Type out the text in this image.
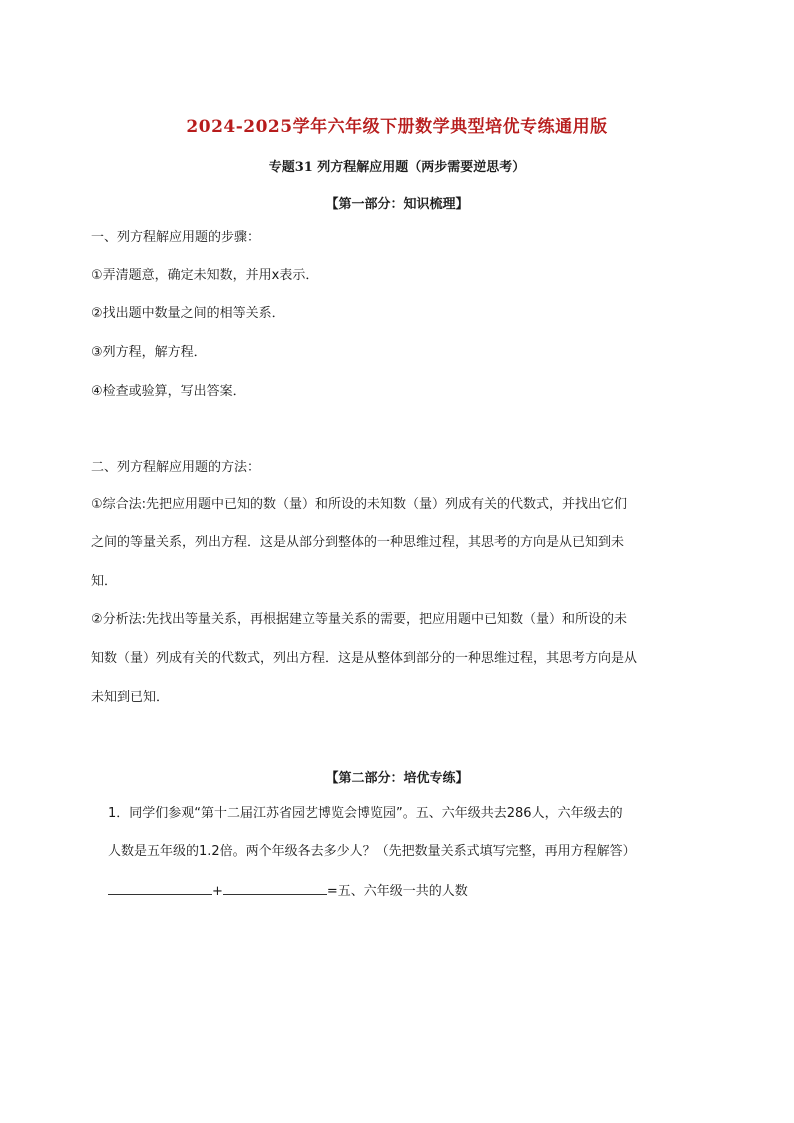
2024-2025学年六年级下册数学典型培优专练通用版
专题31 列方程解应用题（两步需要逆思考）
【第一部分：知识梳理】
一、列方程解应用题的步骤：
①弄清题意，确定未知数，并用x表示．
②找出题中数量之间的相等关系．
③列方程，解方程．
④检查或验算，写出答案．
二、列方程解应用题的方法：
①综合法:先把应用题中已知的数（量）和所设的未知数（量）列成有关的代数式，并找出它们
之间的等量关系，列出方程．这是从部分到整体的一种思维过程，其思考的方向是从已知到未
知．
②分析法:先找出等量关系，再根据建立等量关系的需要，把应用题中已知数（量）和所设的未
知数（量）列成有关的代数式，列出方程．这是从整体到部分的一种思维过程，其思考方向是从
未知到已知．
【第二部分：培优专练】
1．同学们参观“第十二届江苏省园艺博览会博览园”。五、六年级共去286人，六年级去的
人数是五年级的1.2倍。两个年级各去多少人？（先把数量关系式填写完整，再用方程解答）
+	=五、六年级一共的人数
